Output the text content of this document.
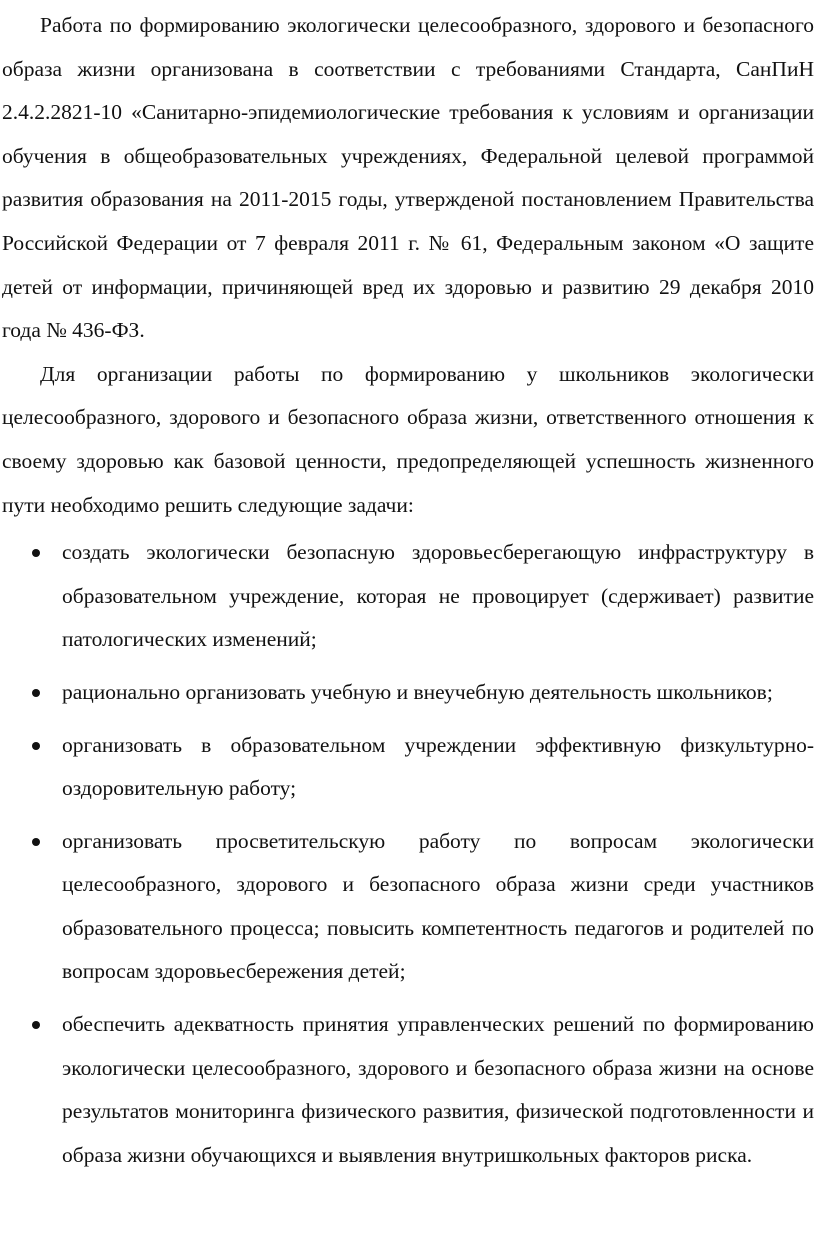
Работа по формированию экологически целесообразного, здорового и безопасного образа жизни организована в соответствии с требованиями Стандарта, СанПиН 2.4.2.2821-10 «Санитарно-эпидемиологические требования к условиям и организации обучения в общеобразовательных учреждениях, Федеральной целевой программой развития образования на 2011-2015 годы, утвержденой постановлением Правительства Российской Федерации от 7 февраля 2011 г. № 61, Федеральным законом «О защите детей от информации, причиняющей вред их здоровью и развитию 29 декабря 2010 года № 436-ФЗ.

Для организации работы по формированию у школьников экологически целесообразного, здорового и безопасного образа жизни, ответственного отношения к своему здоровью как базовой ценности, предопределяющей успешность жизненного пути необходимо решить следующие задачи:

создать экологически безопасную здоровьесберегающую инфраструктуру в образовательном учреждение, которая не провоцирует (сдерживает) развитие патологических изменений;
рационально организовать учебную и внеучебную деятельность школьников;
организовать в образовательном учреждении эффективную физкультурно-оздоровительную работу;
организовать просветительскую работу по вопросам экологически целесообразного, здорового и безопасного образа жизни среди участников образовательного процесса; повысить компетентность педагогов и родителей по вопросам здоровьесбережения детей;
обеспечить адекватность принятия управленческих решений по формированию экологически целесообразного, здорового и безопасного образа жизни на основе результатов мониторинга физического развития, физической подготовленности и образа жизни обучающихся и выявления внутришкольных факторов риска.
